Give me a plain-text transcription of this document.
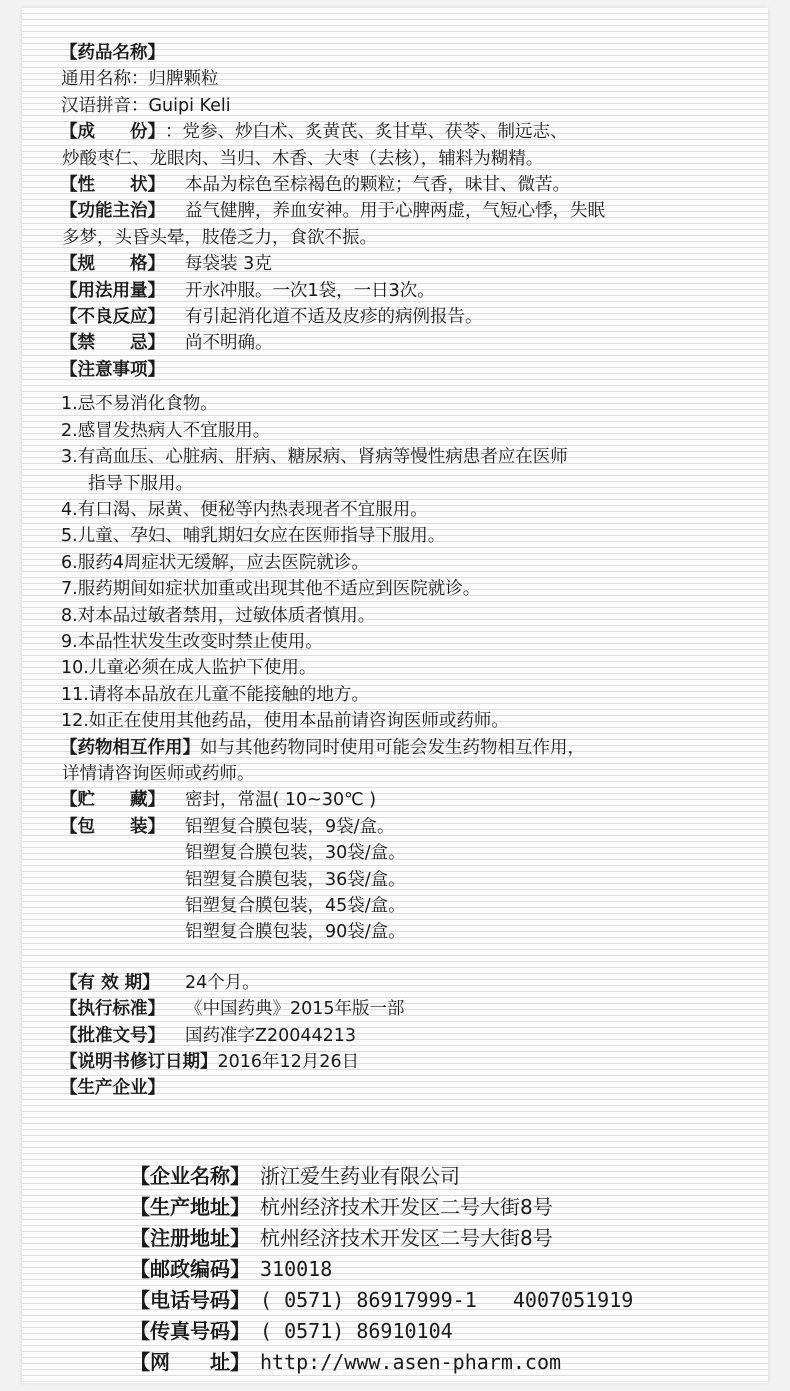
【药品名称】
通用名称：归脾颗粒
汉语拼音：Guipi Keli
【成　　份】：党参、炒白术、炙黄芪、炙甘草、茯苓、制远志、
炒酸枣仁、龙眼肉、当归、木香、大枣（去核），辅料为糊精。
【性　　状】 本品为棕色至棕褐色的颗粒；气香，味甘、微苦。
【功能主治】 益气健脾，养血安神。用于心脾两虚，气短心悸，失眠
多梦，头昏头晕，肢倦乏力，食欲不振。
【规　　格】 每袋装 3克
【用法用量】 开水冲服。一次1袋，一日3次。
【不良反应】 有引起消化道不适及皮疹的病例报告。
【禁　　忌】 尚不明确。
【注意事项】
1.忌不易消化食物。
2.感冒发热病人不宜服用。
3.有高血压、心脏病、肝病、糖尿病、肾病等慢性病患者应在医师
指导下服用。
4.有口渴、尿黄、便秘等内热表现者不宜服用。
5.儿童、孕妇、哺乳期妇女应在医师指导下服用。
6.服药4周症状无缓解，应去医院就诊。
7.服药期间如症状加重或出现其他不适应到医院就诊。
8.对本品过敏者禁用，过敏体质者慎用。
9.本品性状发生改变时禁止使用。
10.儿童必须在成人监护下使用。
11.请将本品放在儿童不能接触的地方。
12.如正在使用其他药品，使用本品前请咨询医师或药师。
【药物相互作用】如与其他药物同时使用可能会发生药物相互作用，
详情请咨询医师或药师。
【贮　　藏】 密封，常温( 10~30℃ )
【包　　装】 铝塑复合膜包装，9袋/盒。
铝塑复合膜包装，30袋/盒。
铝塑复合膜包装，36袋/盒。
铝塑复合膜包装，45袋/盒。
铝塑复合膜包装，90袋/盒。
【有 效 期】 24个月。
【执行标准】 《中国药典》2015年版一部
【批准文号】 国药准字Z20044213
【说明书修订日期】2016年12月26日
【生产企业】
【企业名称】 浙江爱生药业有限公司
【生产地址】 杭州经济技术开发区二号大街8号
【注册地址】 杭州经济技术开发区二号大街8号
【邮政编码】 310018
【电话号码】 ( 0571) 86917999-1   4007051919
【传真号码】 ( 0571) 86910104
【网　　址】 http://www.asen-pharm.com
